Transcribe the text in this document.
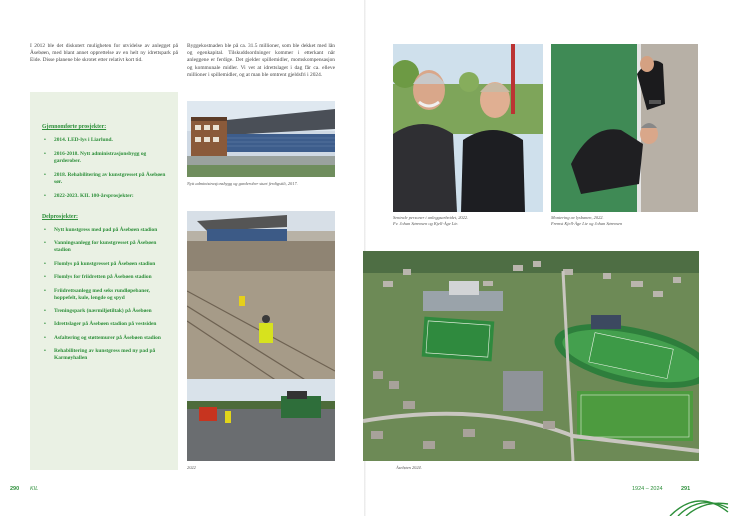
I 2012 ble det diskutert muligheten for utvidelse av anlegget på Åsebøen, med blant annet opprettelse av en helt ny idrettspark på Eide. Disse planene ble skrotet etter relativt kort tid.

Byggekostnaden ble på ca. 31.5 millioner, som ble dekket med lån og egenkapital. Tilskuddsordninger kommer i etterkant når anleggene er ferdige. Det gjelder spillemidler, momskompensasjon og kommunale midler. Vi vet at idrettslaget i dag får ca. elleve millioner i spillemidler, og at man ble omtrent gjeldsfri i 2024.

Gjennomførte prosjekter:
• 2014. LED-lys i Liarlund.
• 2016-2018. Nytt administrasjonsbygg og garderober.
• 2018. Rehabilitering av kunstgresset på Åsebøen sør.
• 2022-2023. KIL 100-årsprosjekter:
Delprosjekter:
• Nytt kunstgress med pad på Åsebøen stadion
• Vanningsanlegg for kunstgresset på Åsebøen stadion
• Flomlys på kunstgresset på Åsebøen stadion
• Flomlys for friidretten på Åsebøen stadion
• Friidrettsanlegg med seks rundløpebaner, hoppefelt, kule, lengde og spyd
• Treningspark (nærmiljøtiltak) på Åsebøen
• Idrettslager på Åsebøen stadion på vestsiden
• Asfaltering og støttemurer på Åsebøen stadion
• Rehabilitering av kunstgress med ny pad på Karmøyhallen
Nytt administrasjonsbygg og garderober stuet ferdigstilt, 2017.
2022
290 KIL
Sentrale personer i anleggsarbeidet, 2022.
Fv. Johan Sørensen og Kjell-Åge Lie.
Montering av lysbanen, 2022.
Fremst Kjell-Åge Lie og Johan Sørensen
Åsebøen 2024.
1924 – 2024	291
